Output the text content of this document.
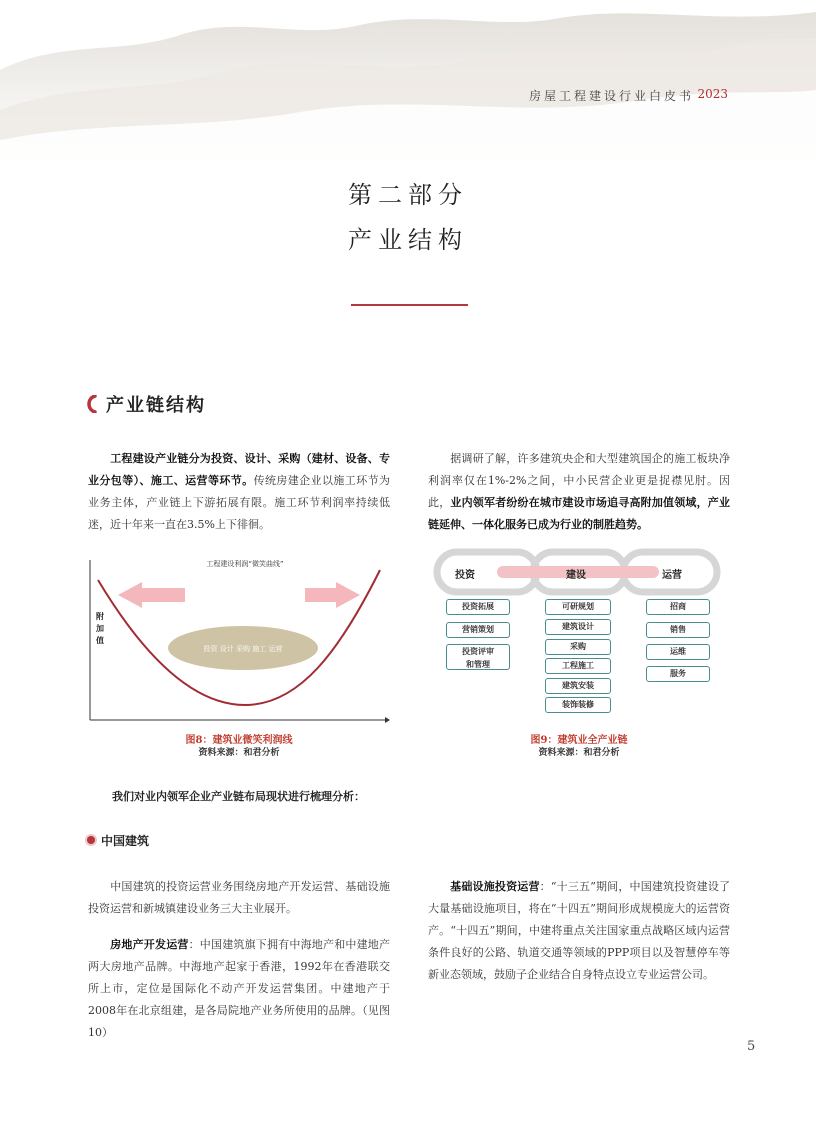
房屋工程建设行业白皮书 2023
第二部分
产业结构
产业链结构
工程建设产业链分为投资、设计、采购（建材、设备、专业分包等）、施工、运营等环节。传统房建企业以施工环节为业务主体，产业链上下游拓展有限。施工环节利润率持续低迷，近十年来一直在3.5%上下徘徊。
据调研了解，许多建筑央企和大型建筑国企的施工板块净利润率仅在1%-2%之间，中小民营企业更是捉襟见肘。因此，业内领军者纷纷在城市建设市场追寻高附加值领域，产业链延伸、一体化服务已成为行业的制胜趋势。
投资 设计 采购 施工 运营
工程建设利润“微笑曲线”
附加值
图8：建筑业微笑利润线
资料来源：和君分析
投资	建设	运营
投资拓展
营销策划
投资评审和管理
可研规划
建筑设计
采购
工程施工
建筑安装
装饰装修
招商
销售
运维
服务
图9：建筑业全产业链
资料来源：和君分析
我们对业内领军企业产业链布局现状进行梳理分析：
中国建筑
中国建筑的投资运营业务围绕房地产开发运营、基础设施投资运营和新城镇建设业务三大主业展开。
房地产开发运营：中国建筑旗下拥有中海地产和中建地产两大房地产品牌。中海地产起家于香港，1992年在香港联交所上市，定位是国际化不动产开发运营集团。中建地产于2008年在北京组建，是各局院地产业务所使用的品牌。（见图10）
基础设施投资运营：“十三五”期间，中国建筑投资建设了大量基础设施项目，将在“十四五”期间形成规模庞大的运营资产。“十四五”期间，中建将重点关注国家重点战略区域内运营条件良好的公路、轨道交通等领域的PPP项目以及智慧停车等新业态领域，鼓励子企业结合自身特点设立专业运营公司。
5
